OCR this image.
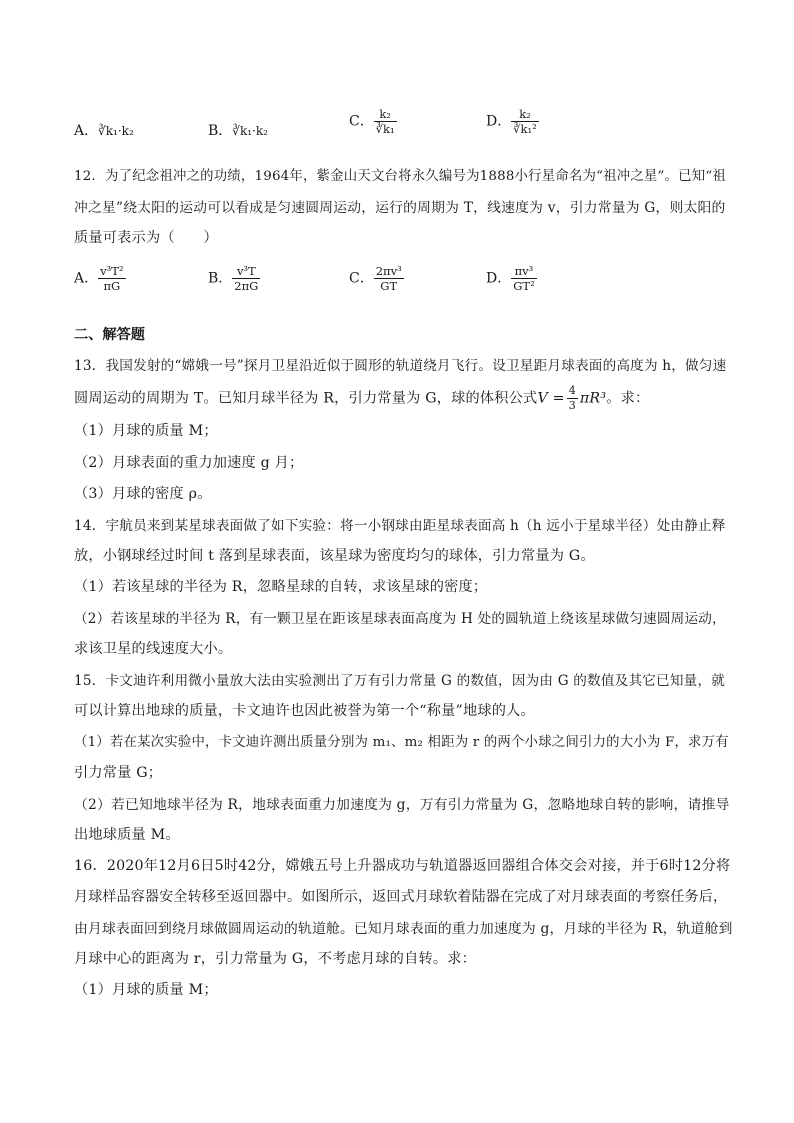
A．∛k₁·k₂	B．∛k₁·k₂
C． $\frac{\text{k₂}}{\text{∛k₁}}$	D． $\frac{\text{k₂}}{\text{∛k₁²}}$
12．为了纪念祖冲之的功绩，1964年，紫金山天文台将永久编号为1888小行星命名为“祖冲之星”。已知“祖
冲之星”绕太阳的运动可以看成是匀速圆周运动，运行的周期为 T，线速度为 v，引力常量为 G，则太阳的
质量可表示为（　　）
A． $\frac{\text{v³T²}}{\pi G}$	B． $\frac{\text{v³T}}{2\pi G}$	C． $\frac{\text{2πv³}}{GT}$	D． $\frac{\text{πv³}}{\text{GT²}}$
二、解答题
13．我国发射的“嫦娥一号”探月卫星沿近似于圆形的轨道绕月飞行。设卫星距月球表面的高度为 h，做匀速
圆周运动的周期为 T。已知月球半径为 R，引力常量为 G，球的体积公式$V = \frac{4}{3} \pi R^3$。求：
（1）月球的质量 M；
（2）月球表面的重力加速度 g 月；
（3）月球的密度 ρ。
14．宇航员来到某星球表面做了如下实验：将一小钢球由距星球表面高 h（h 远小于星球半径）处由静止释
放，小钢球经过时间 t 落到星球表面，该星球为密度均匀的球体，引力常量为 G。
（1）若该星球的半径为 R，忽略星球的自转，求该星球的密度；
（2）若该星球的半径为 R，有一颗卫星在距该星球表面高度为 H 处的圆轨道上绕该星球做匀速圆周运动，
求该卫星的线速度大小。
15．卡文迪许利用微小量放大法由实验测出了万有引力常量 G 的数值，因为由 G 的数值及其它已知量，就
可以计算出地球的质量，卡文迪许也因此被誉为第一个“称量”地球的人。
（1）若在某次实验中，卡文迪许测出质量分别为 m₁、m₂ 相距为 r 的两个小球之间引力的大小为 F，求万有
引力常量 G；
（2）若已知地球半径为 R，地球表面重力加速度为 g，万有引力常量为 G，忽略地球自转的影响，请推导
出地球质量 M。
16．2020年12月6日5时42分，嫦娥五号上升器成功与轨道器返回器组合体交会对接，并于6时12分将
月球样品容器安全转移至返回器中。如图所示，返回式月球软着陆器在完成了对月球表面的考察任务后，
由月球表面回到绕月球做圆周运动的轨道舱。已知月球表面的重力加速度为 g，月球的半径为 R，轨道舱到
月球中心的距离为 r，引力常量为 G，不考虑月球的自转。求：
（1）月球的质量 M；
